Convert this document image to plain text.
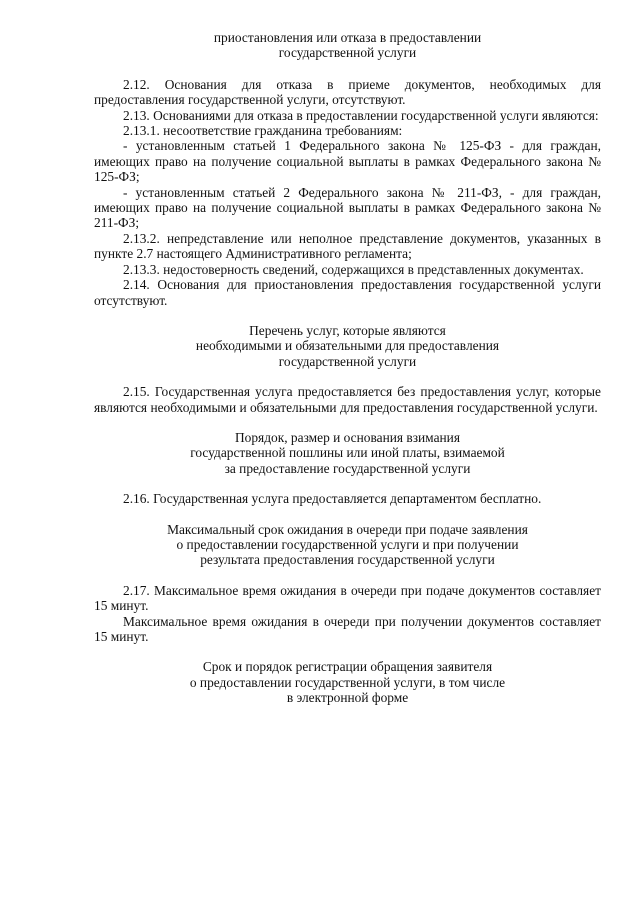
приостановления или отказа в предоставлении
государственной услуги

2.12. Основания для отказа в приеме документов, необходимых для предоставления государственной услуги, отсутствуют.

2.13. Основаниями для отказа в предоставлении государственной услуги являются:

2.13.1. несоответствие гражданина требованиям:

- установленным статьей 1 Федерального закона № 125-ФЗ - для граждан, имеющих право на получение социальной выплаты в рамках Федерального закона № 125-ФЗ;

- установленным статьей 2 Федерального закона № 211-ФЗ, - для граждан, имеющих право на получение социальной выплаты в рамках Федерального закона № 211-ФЗ;

2.13.2. непредставление или неполное представление документов, указанных в пункте 2.7 настоящего Административного регламента;

2.13.3. недостоверность сведений, содержащихся в представленных документах.

2.14. Основания для приостановления предоставления государственной услуги отсутствуют.

Перечень услуг, которые являются
необходимыми и обязательными для предоставления
государственной услуги

2.15. Государственная услуга предоставляется без предоставления услуг, которые являются необходимыми и обязательными для предоставления государственной услуги.

Порядок, размер и основания взимания
государственной пошлины или иной платы, взимаемой
за предоставление государственной услуги

2.16. Государственная услуга предоставляется департаментом бесплатно.

Максимальный срок ожидания в очереди при подаче заявления
о предоставлении государственной услуги и при получении
результата предоставления государственной услуги

2.17. Максимальное время ожидания в очереди при подаче документов составляет 15 минут.

Максимальное время ожидания в очереди при получении документов составляет 15 минут.

Срок и порядок регистрации обращения заявителя
о предоставлении государственной услуги, в том числе
в электронной форме
